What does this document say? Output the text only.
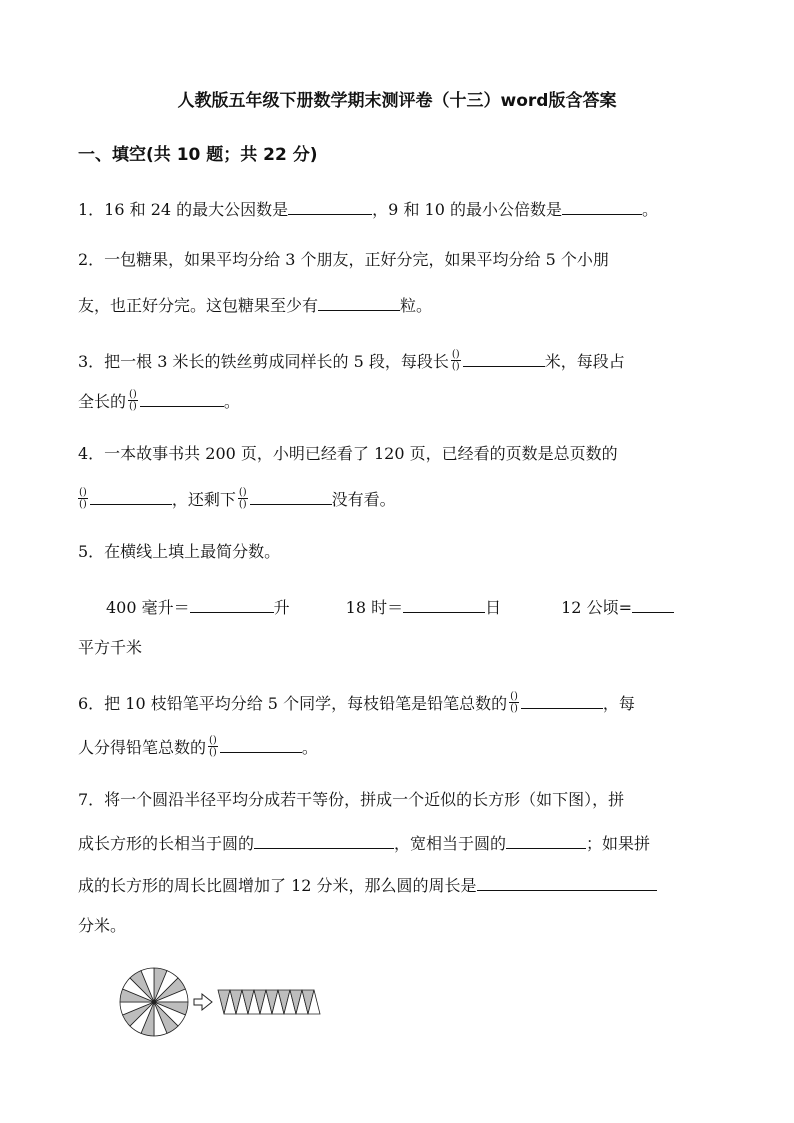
人教版五年级下册数学期末测评卷（十三）word版含答案
一、填空(共 10 题；共 22 分)
1．16 和 24 的最大公因数是	，9 和 10 的最小公倍数是	。
2．一包糖果，如果平均分给 3 个朋友，正好分完，如果平均分给 5 个小朋
友，也正好分完。这包糖果至少有	粒。
3．把一根 3 米长的铁丝剪成同样长的 5 段，每段长 $\frac{()}{()}$	米，每段占
全长的 $\frac{()}{()}$	。
4．一本故事书共 200 页，小明已经看了 120 页，已经看的页数是总页数的
$\frac{()}{()}$	，还剩下 $\frac{()}{()}$	没有看。
5．在横线上填上最简分数。
400 毫升＝	升	18 时＝	日	12 公顷=
平方千米
6．把 10 枝铅笔平均分给 5 个同学，每枝铅笔是铅笔总数的 $\frac{()}{()}$	，每
人分得铅笔总数的 $\frac{()}{()}$	。
7．将一个圆沿半径平均分成若干等份，拼成一个近似的长方形（如下图），拼
成长方形的长相当于圆的	，宽相当于圆的	；如果拼
成的长方形的周长比圆增加了 12 分米，那么圆的周长是
分米。
